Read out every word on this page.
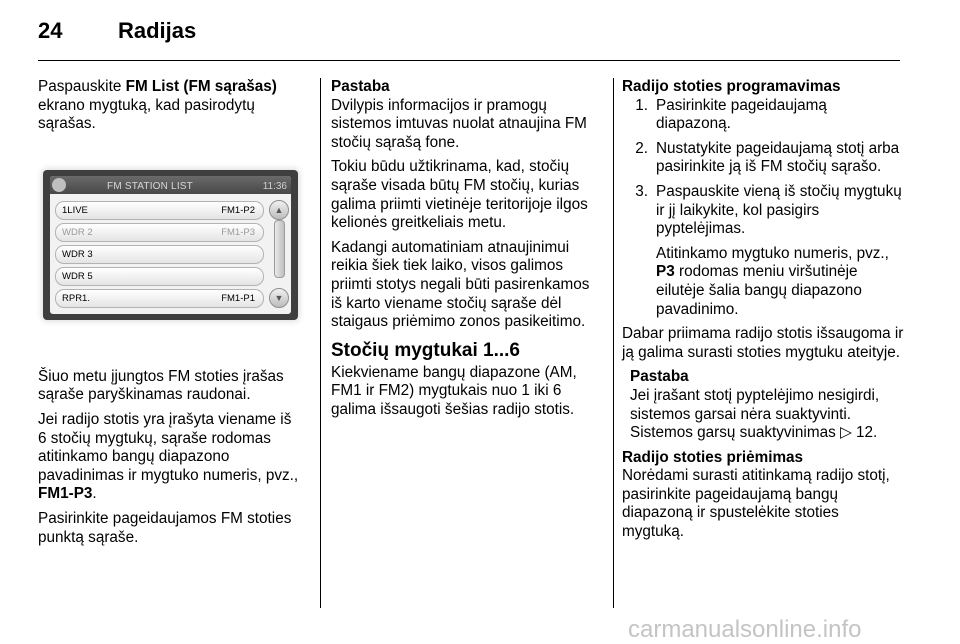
24	Radijas

Paspauskite FM List (FM sąrašas) ekrano mygtuką, kad pasirodytų sąrašas.

FM STATION LIST	11:36
1LIVE	FM1-P2
WDR 2	FM1-P3
WDR 3
WDR 5
RPR1.	FM1-P1
▲
▼

Šiuo metu įjungtos FM stoties įrašas sąraše paryškinamas raudonai.

Jei radijo stotis yra įrašyta viename iš 6 stočių mygtukų, sąraše rodomas atitinkamo bangų diapazono pavadinimas ir mygtuko numeris, pvz., FM1-P3.

Pasirinkite pageidaujamos FM stoties punktą sąraše.

Pastaba

Dvilypis informacijos ir pramogų sistemos imtuvas nuolat atnaujina FM stočių sąrašą fone.

Tokiu būdu užtikrinama, kad, stočių sąraše visada būtų FM stočių, kurias galima priimti vietinėje teritorijoje ilgos kelionės greitkeliais metu.

Kadangi automatiniam atnaujinimui reikia šiek tiek laiko, visos galimos priimti stotys negali būti pasirenkamos iš karto viename stočių sąraše dėl staigaus priėmimo zonos pasikeitimo.

Stočių mygtukai 1...6

Kiekviename bangų diapazone (AM, FM1 ir FM2) mygtukais nuo 1 iki 6 galima išsaugoti šešias radijo stotis.

Radijo stoties programavimas
1. Pasirinkite pageidaujamą diapazoną.
2. Nustatykite pageidaujamą stotį arba pasirinkite ją iš FM stočių sąrašo.
3. Paspauskite vieną iš stočių mygtukų ir jį laikykite, kol pasigirs pyptelėjimas.
Atitinkamo mygtuko numeris, pvz., P3 rodomas meniu viršutinėje eilutėje šalia bangų diapazono pavadinimo.

Dabar priimama radijo stotis išsaugoma ir ją galima surasti stoties mygtuku ateityje.

Pastaba
Jei įrašant stotį pyptelėjimo nesigirdi, sistemos garsai nėra suaktyvinti. Sistemos garsų suaktyvinimas ▷ 12.
Radijo stoties priėmimas

Norėdami surasti atitinkamą radijo stotį, pasirinkite pageidaujamą bangų diapazoną ir spustelėkite stoties mygtuką.

carmanualsonline.info
